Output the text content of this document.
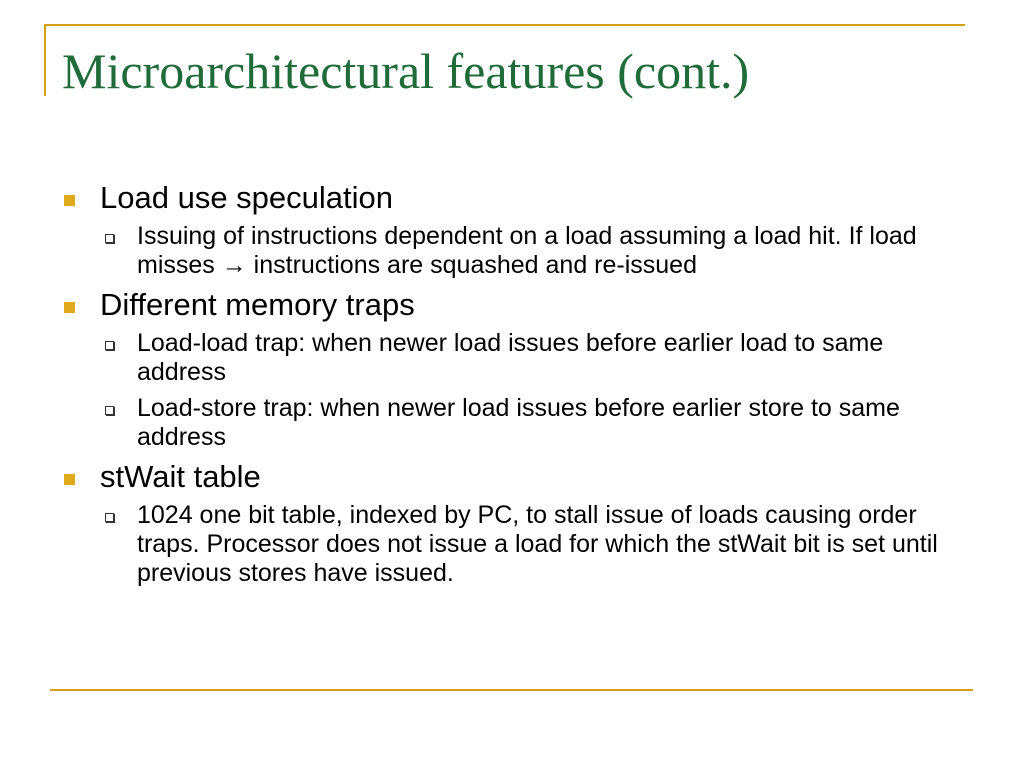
Microarchitectural features (cont.)
Load use speculation
Issuing of instructions dependent on a load assuming a load hit. If load misses → instructions are squashed and re-issued
Different memory traps
Load-load trap: when newer load issues before earlier load to same address
Load-store trap: when newer load issues before earlier store to same address
stWait table
1024 one bit table, indexed by PC, to stall issue of loads causing order traps. Processor does not issue a load for which the stWait bit is set until previous stores have issued.
